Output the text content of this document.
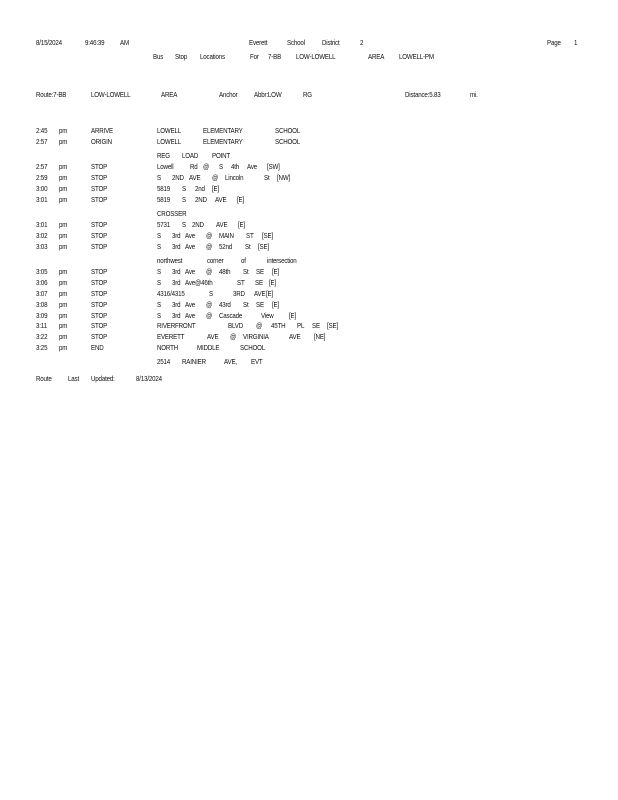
8/15/2024	9:46:39 AM	Everett	School District	2	Page 1
Bus Stop Locations	For 7-BB LOW-LOWELL	AREA LOWELL-PM
Route:7-BB	LOW-LOWELL	AREA	Anchor Abbr:LOW	RG	Distance:5.83	mi.
2:45 pm	ARRIVE	LOWELL	ELEMENTARY	SCHOOL
2:57 pm	ORIGIN	LOWELL	ELEMENTARY	SCHOOL
REG LOAD POINT
2:57 pm	STOP	Lowell Rd @ S 4th Ave [SW]
2:59 pm	STOP	S 2ND AVE @ Lincoln	St [NW]
3:00 pm	STOP	5819 S 2nd [E]
3:01 pm	STOP	5819 S 2ND AVE [E]
CROSSER
3:01 pm	STOP	5731 S 2ND AVE [E]
3:02 pm	STOP	S 3rd Ave @ MAIN ST [SE]
3:03 pm	STOP	S 3rd Ave @ 52nd St [SE]
northwest	corner of	intersection
3:05 pm	STOP	S 3rd Ave @ 48th St SE [E]
3:06 pm	STOP	S 3rd Ave@46th	ST SE [E]
3:07 pm	STOP	4316/4315	S	3RD AVE [E]
3:08 pm	STOP	S 3rd Ave @ 43rd St SE [E]
3:09 pm	STOP	S 3rd Ave @ Cascade	View [E]
3:11 pm	STOP	RIVERFRONT	BLVD @ 45TH PL SE [SE]
3:22 pm	STOP	EVERETT	AVE @ VIRGINIA	AVE [NE]
3:25 pm	END	NORTH	MIDDLE	SCHOOL
2514 RAINIER	AVE, EVT
Route Last Updated:	8/13/2024
